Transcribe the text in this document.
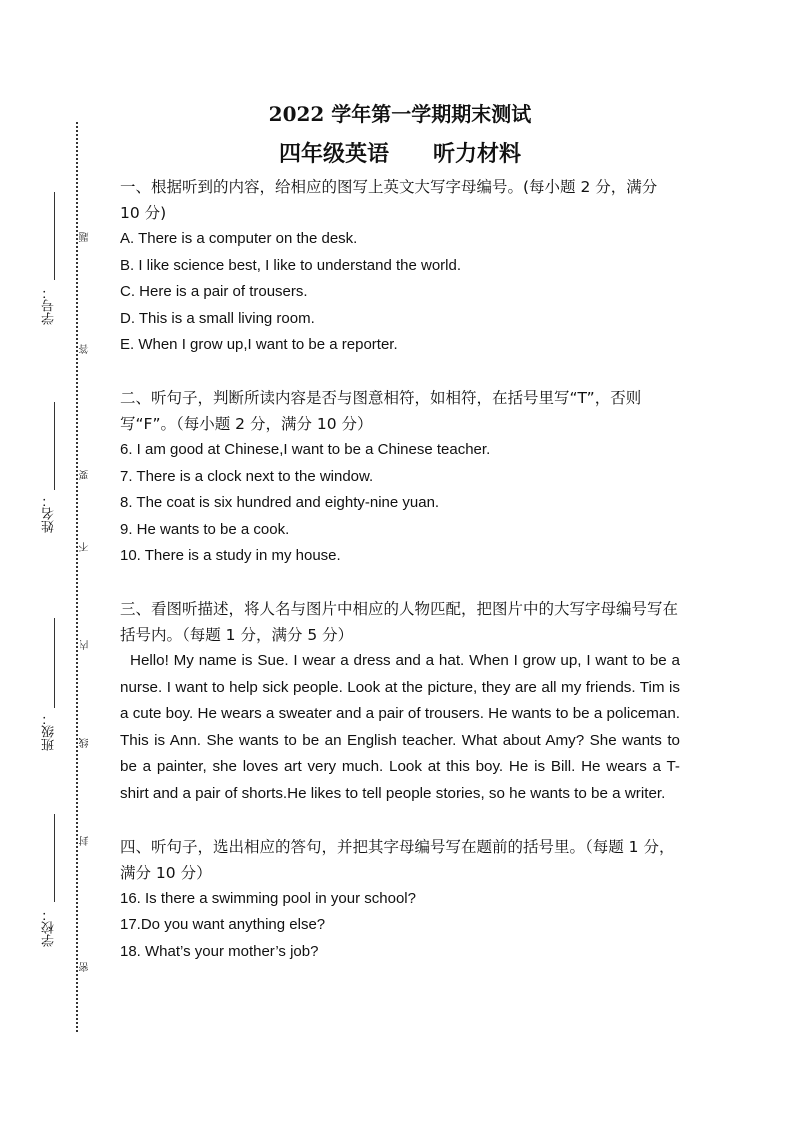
学号：
姓名：
班级：
学校：
题
答
要
不
内
线
封
密
2022 学年第一学期期末测试
四年级英语　　听力材料
一、根据听到的内容，给相应的图写上英文大写字母编号。(每小题 2 分，满分　10 分)
A. There is a computer on the desk.
B. I like science best, I like to understand the world.
C. Here is a pair of trousers.
D. This is a small living room.
E. When I grow up,I want to be a reporter.
二、听句子，判断所读内容是否与图意相符，如相符，在括号里写“T”，否则写“F”。（每小题 2 分，满分 10 分）
6. I am good at Chinese,I want to be a Chinese teacher.
7. There is a clock next to the window.
8. The coat is six hundred and eighty-nine yuan.
9. He wants to be a cook.
10. There is a study in my house.
三、看图听描述，将人名与图片中相应的人物匹配，把图片中的大写字母编号写在括号内。（每题 1 分，满分 5 分）
Hello! My name is Sue. I wear a dress and a hat. When I grow up, I want to be a nurse. I want to help sick people. Look at the picture, they are all my friends. Tim is a cute boy. He wears a sweater and a pair of trousers. He wants to be a policeman. This is Ann. She wants to be an English teacher. What about Amy? She wants to be a painter, she loves art very much. Look at this boy. He is Bill. He wears a T-shirt and a pair of shorts.He likes to tell people stories, so he wants to be a writer.
四、听句子，选出相应的答句，并把其字母编号写在题前的括号里。（每题 1 分，满分 10 分）
16. Is there a swimming pool in your school?
17.Do you want anything else?
18. What’s your mother’s job?
